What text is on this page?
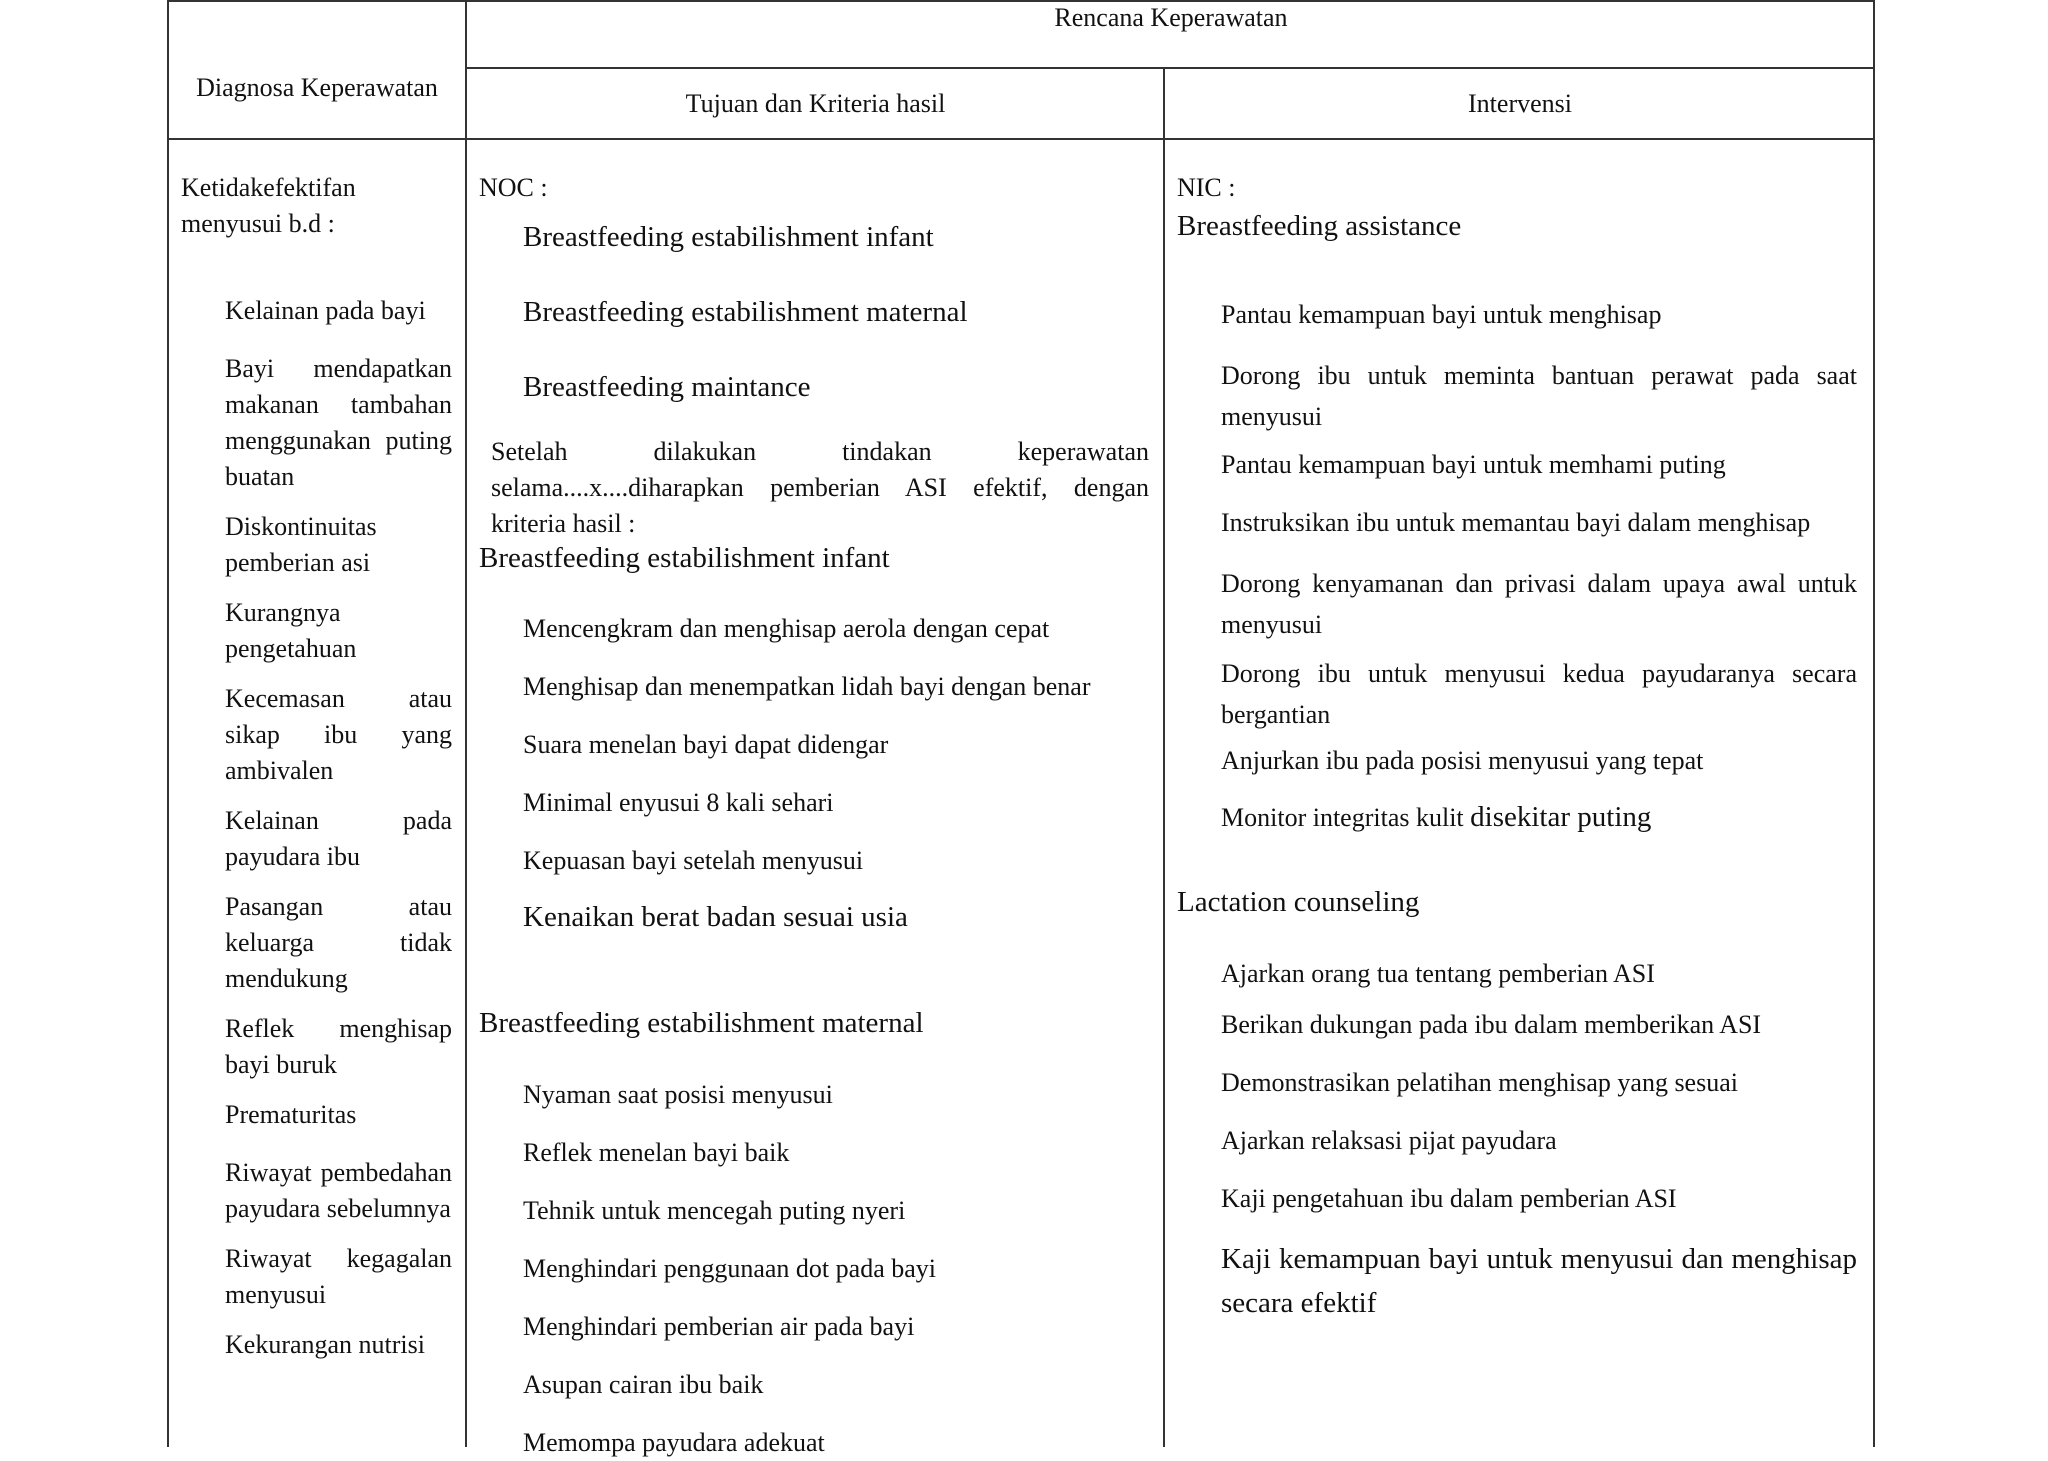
Diagnosa Keperawatan
Rencana Keperawatan
Tujuan dan Kriteria hasil	Intervensi
Ketidakefektifan
menyusui b.d :
Kelainan pada bayi
Bayi mendapatkan makanan tambahan menggunakan puting buatan
Diskontinuitas pemberian asi
Kurangnya pengetahuan
Kecemasan atau sikap ibu yang ambivalen
Kelainan pada payudara ibu
Pasangan atau keluarga tidak mendukung
Reflek menghisap bayi buruk
Prematuritas
Riwayat pembedahan payudara sebelumnya
Riwayat kegagalan menyusui
Kekurangan nutrisi
NOC :
Breastfeeding estabilishment infant
Breastfeeding estabilishment maternal
Breastfeeding maintance
Setelah dilakukan tindakan keperawatan selama....x....diharapkan pemberian ASI efektif, dengan kriteria hasil :
Breastfeeding estabilishment infant
Mencengkram dan menghisap aerola dengan cepat
Menghisap dan menempatkan lidah bayi dengan benar
Suara menelan bayi dapat didengar
Minimal enyusui 8 kali sehari
Kepuasan bayi setelah menyusui
Kenaikan berat badan sesuai usia
Breastfeeding estabilishment maternal
Nyaman saat posisi menyusui
Reflek menelan bayi baik
Tehnik untuk mencegah puting nyeri
Menghindari penggunaan dot pada bayi
Menghindari pemberian air pada bayi
Asupan cairan ibu baik
Memompa payudara adekuat
NIC :
Breastfeeding assistance
Pantau kemampuan bayi untuk menghisap
Dorong ibu untuk meminta bantuan perawat pada saat menyusui
Pantau kemampuan bayi untuk memhami puting
Instruksikan ibu untuk memantau bayi dalam menghisap
Dorong kenyamanan dan privasi dalam upaya awal untuk menyusui
Dorong ibu untuk menyusui kedua payudaranya secara bergantian
Anjurkan ibu pada posisi menyusui yang tepat
Monitor integritas kulit disekitar puting
Lactation counseling
Ajarkan orang tua tentang pemberian ASI
Berikan dukungan pada ibu dalam memberikan ASI
Demonstrasikan pelatihan menghisap yang sesuai
Ajarkan relaksasi pijat payudara
Kaji pengetahuan ibu dalam pemberian ASI
Kaji kemampuan bayi untuk menyusui dan menghisap secara efektif
